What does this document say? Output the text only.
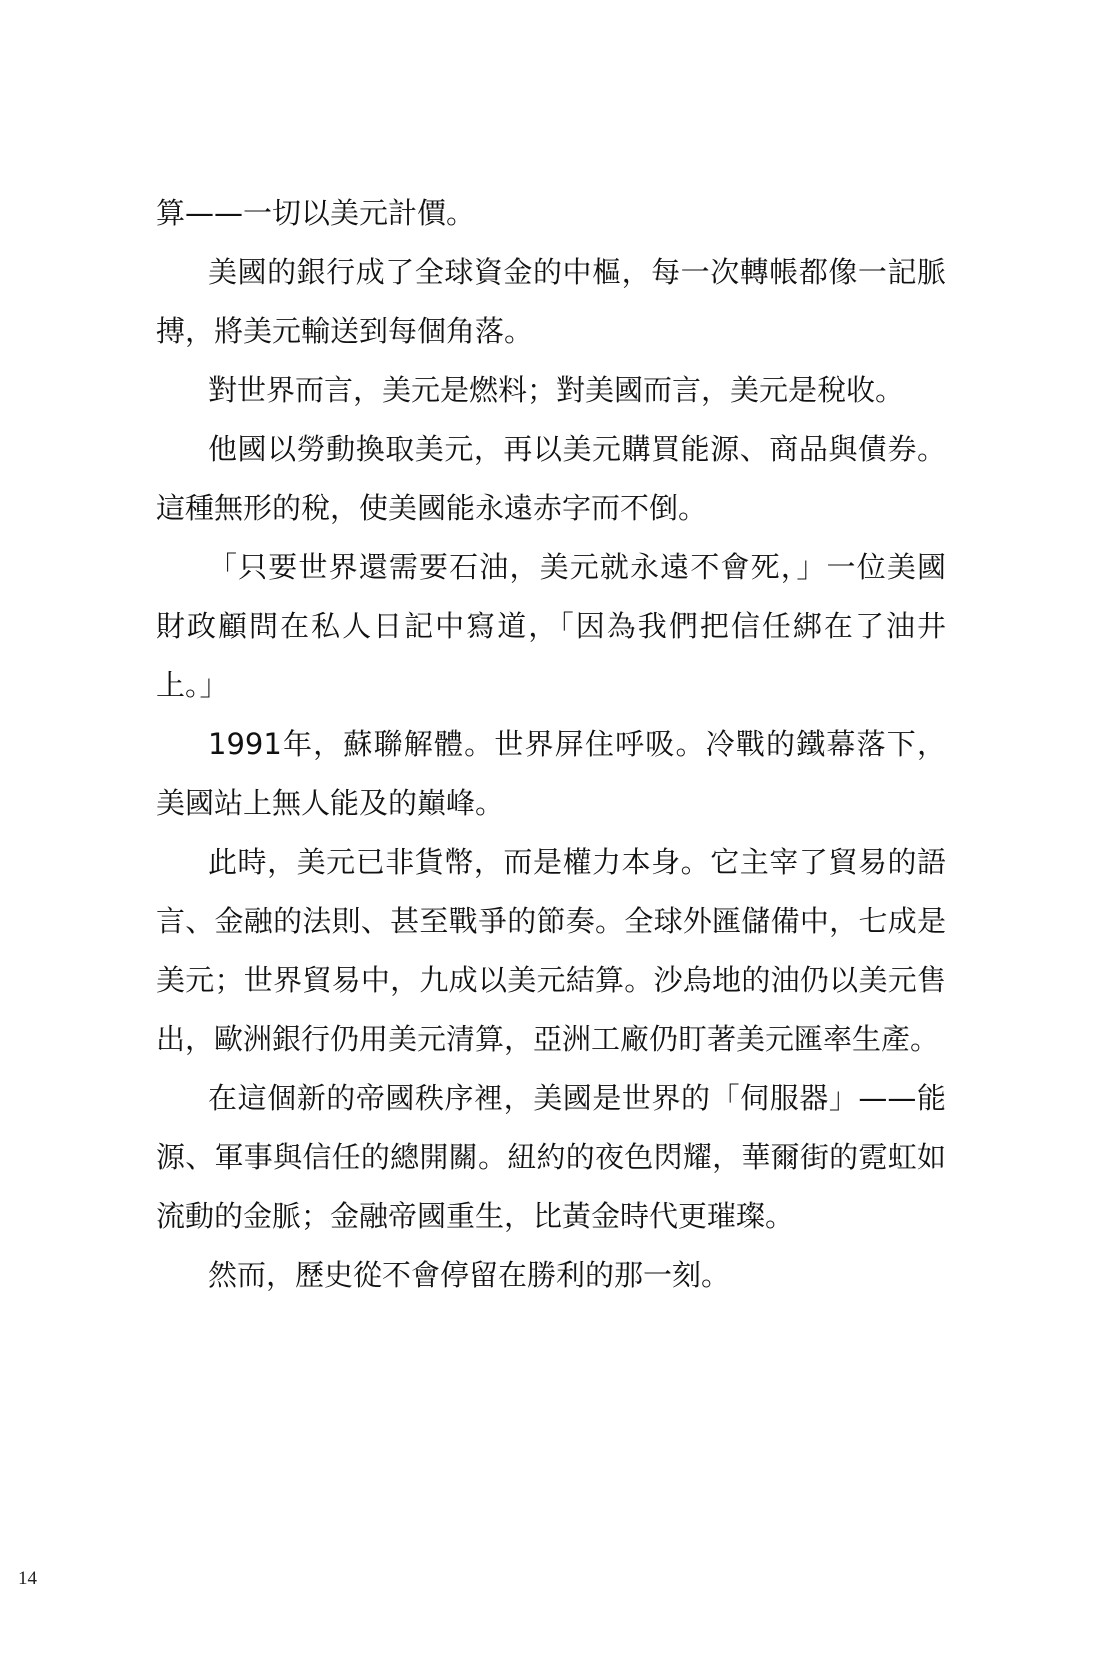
算——一切以美元計價。

美國的銀行成了全球資金的中樞，每一次轉帳都像一記脈搏，將美元輸送到每個角落。

對世界而言，美元是燃料；對美國而言，美元是稅收。

他國以勞動換取美元，再以美元購買能源、商品與債券。這種無形的稅，使美國能永遠赤字而不倒。

「只要世界還需要石油，美元就永遠不會死，」一位美國財政顧問在私人日記中寫道，「因為我們把信任綁在了油井上。」

1991年，蘇聯解體。世界屏住呼吸。冷戰的鐵幕落下，美國站上無人能及的巔峰。

此時，美元已非貨幣，而是權力本身。它主宰了貿易的語言、金融的法則、甚至戰爭的節奏。全球外匯儲備中，七成是美元；世界貿易中，九成以美元結算。沙烏地的油仍以美元售出，歐洲銀行仍用美元清算，亞洲工廠仍盯著美元匯率生產。

在這個新的帝國秩序裡，美國是世界的「伺服器」——能源、軍事與信任的總開關。紐約的夜色閃耀，華爾街的霓虹如流動的金脈；金融帝國重生，比黃金時代更璀璨。

然而，歷史從不會停留在勝利的那一刻。

14
